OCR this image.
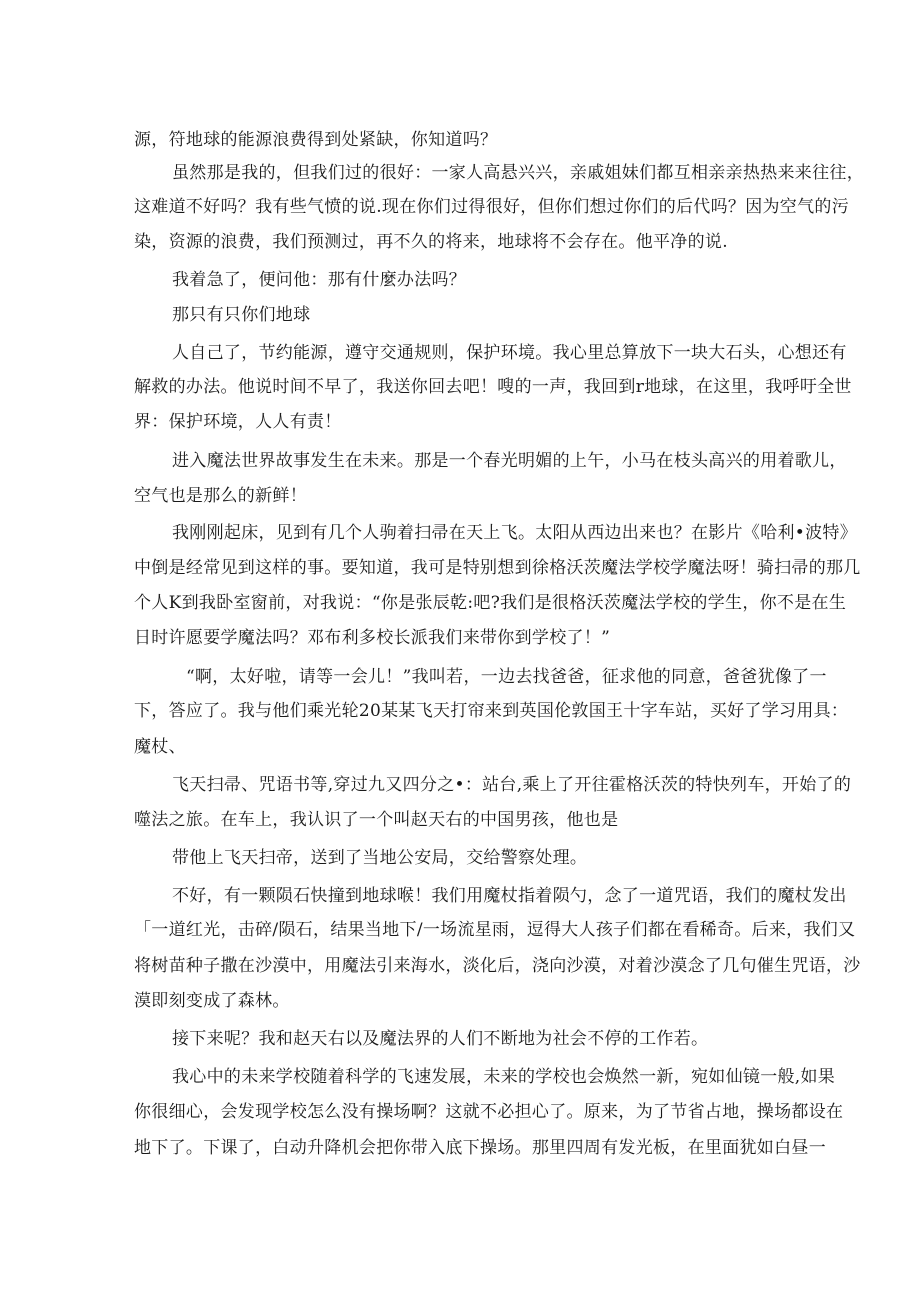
源，符地球的能源浪费得到处紧缺，你知道吗？
虽然那是我的，但我们过的很好：一家人高悬兴兴，亲戚姐妹们都互相亲亲热热来来往往，
这难道不好吗？我有些气愤的说.现在你们过得很好，但你们想过你们的后代吗？因为空气的污
染，资源的浪费，我们预测过，再不久的将来，地球将不会存在。他平净的说.
我着急了，便问他：那有什麼办法吗？
那只有只你们地球
人自己了，节约能源，遵守交通规则，保护环境。我心里总算放下一块大石头，心想还有
解救的办法。他说时间不早了，我送你回去吧！嗖的一声，我回到r地球，在这里，我呼吁全世
界：保护环境，人人有责！
进入魔法世界故事发生在未来。那是一个春光明媚的上午，小马在枝头高兴的用着歌儿，
空气也是那么的新鲜！
我刚刚起床，见到有几个人驹着扫帚在天上飞。太阳从西边出来也？在影片《哈利•波特》
中倒是经常见到这样的事。要知道，我可是特别想到徐格沃茨魔法学校学魔法呀！骑扫帚的那几
个人K到我卧室窗前，对我说：“你是张辰乾:吧?我们是很格沃茨魔法学校的学生，你不是在生
日时许愿要学魔法吗？邓布利多校长派我们来带你到学校了！”
“啊，太好啦，请等一会儿！”我叫若，一边去找爸爸，征求他的同意，爸爸犹像了一
下，答应了。我与他们乘光轮20某某飞天打帘来到英国伦敦国王十字车站，买好了学习用具：
魔杖、
飞天扫帚、咒语书等,穿过九又四分之•：站台,乘上了开往霍格沃茨的特快列车，开始了的
噬法之旅。在车上，我认识了一个叫赵天右的中国男孩，他也是
带他上飞天扫帝，送到了当地公安局，交给警察处理。
不好，有一颗陨石快撞到地球喉！我们用魔杖指着陨勺，念了一道咒语，我们的魔杖发出
「一道红光，击碎/陨石，结果当地下/一场流星雨，逗得大人孩子们都在看稀奇。后来，我们又
将树苗种子撒在沙漠中，用魔法引来海水，淡化后，浇向沙漠，对着沙漠念了几句催生咒语，沙
漠即刻变成了森林。
接下来呢？我和赵天右以及魔法界的人们不断地为社会不停的工作若。
我心中的未来学校随着科学的飞速发展，未来的学校也会焕然一新，宛如仙镜一般,如果
你很细心，会发现学校怎么没有操场啊？这就不必担心了。原来，为了节省占地，操场都设在
地下了。下课了，白动升降机会把你带入底下操场。那里四周有发光板，在里面犹如白昼一
